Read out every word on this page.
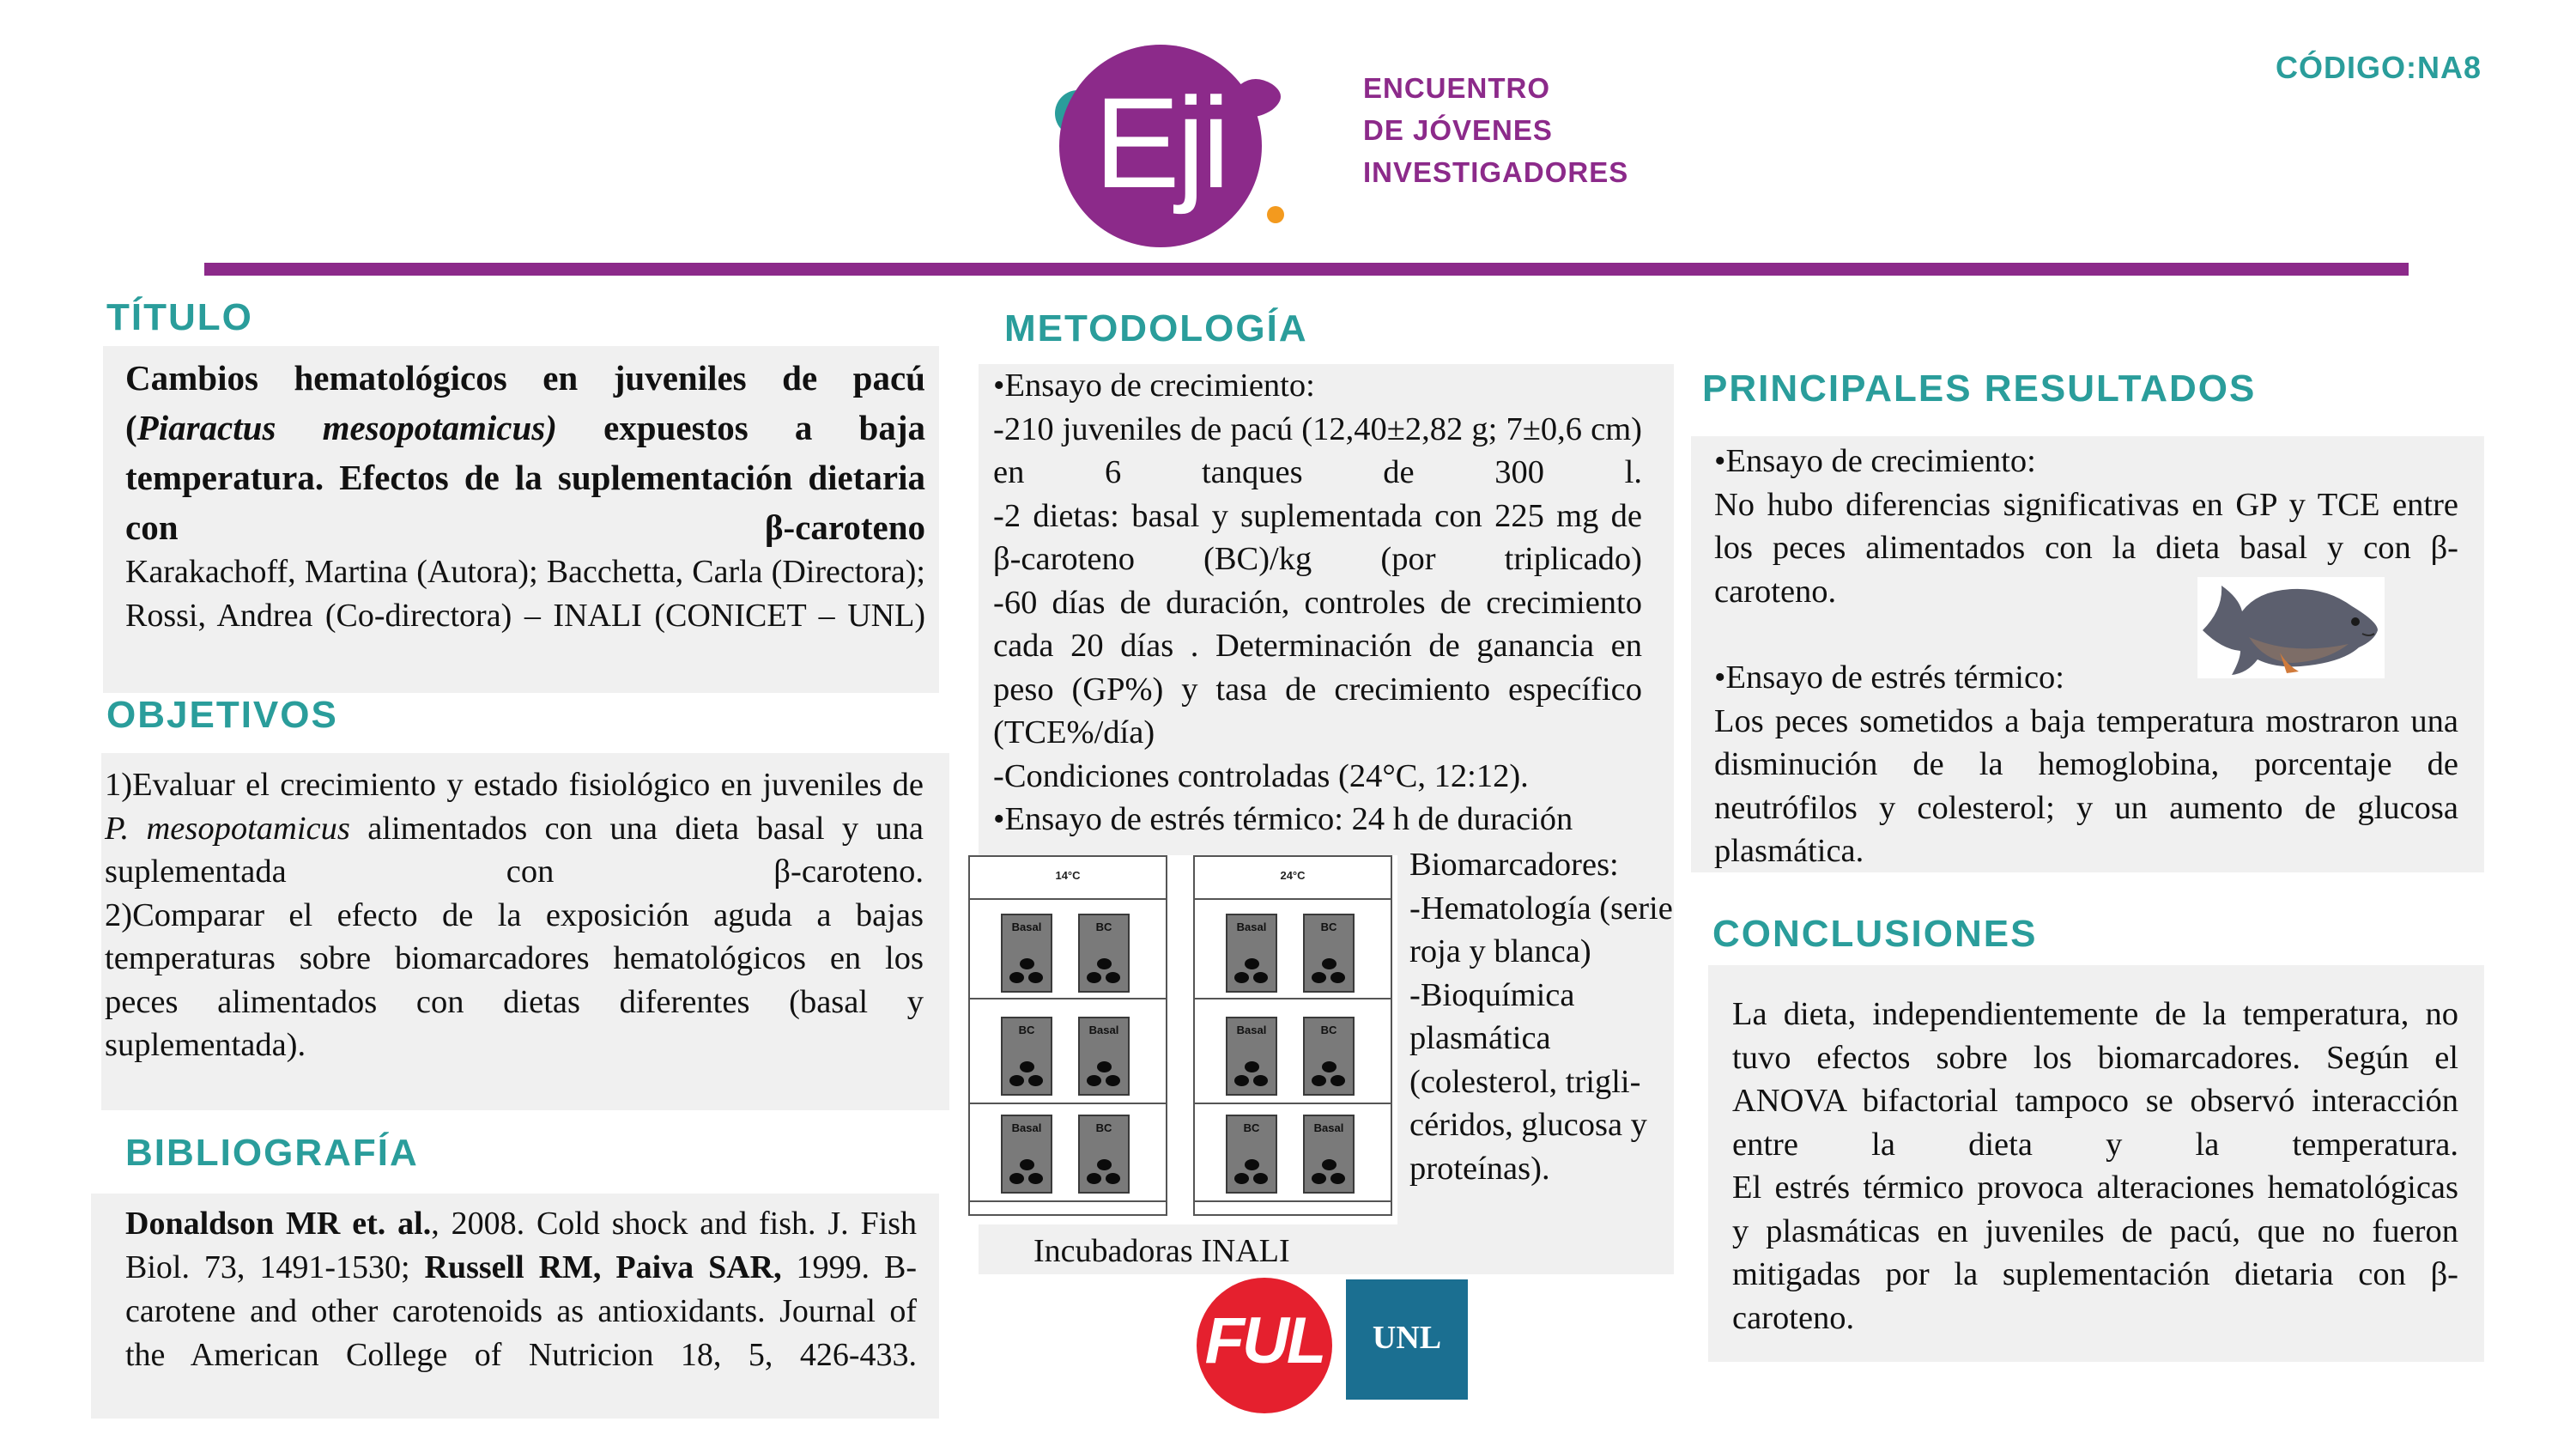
Eji	ENCUENTRO
DE JÓVENES
INVESTIGADORES
CÓDIGO:NA8
TÍTULO

Cambios hematológicos en juveniles de pacú (Piaractus mesopotamicus) expuestos a baja temperatura. Efectos de la suplementación dietaria con β-caroteno

Karakachoff, Martina (Autora); Bacchetta, Carla (Directora); Rossi, Andrea (Co-directora) – INALI (CONICET – UNL)

OBJETIVOS

1)Evaluar el crecimiento y estado fisiológico en juveniles de P. mesopotamicus alimentados con una dieta basal y una suplementada con β-caroteno.

2)Comparar el efecto de la exposición aguda a bajas temperaturas sobre biomarcadores hematológicos en los peces alimentados con dietas diferentes (basal y suplementada).

BIBLIOGRAFÍA

Donaldson MR et. al., 2008. Cold shock and fish. J. Fish Biol. 73, 1491-1530; Russell RM, Paiva SAR, 1999. B-carotene and other carotenoids as antioxidants. Journal of the American College of Nutricion 18, 5, 426-433.

METODOLOGÍA

•Ensayo de crecimiento:

-210 juveniles de pacú (12,40±2,82 g; 7±0,6 cm) en 6 tanques de 300 l.

-2 dietas: basal y suplementada con 225 mg de β-caroteno (BC)/kg (por triplicado)

-60 días de duración, controles de crecimiento cada 20 días . Determinación de ganancia en peso (GP%) y tasa de crecimiento específico (TCE%/día)

-Condiciones controladas (24°C, 12:12).

•Ensayo de estrés térmico: 24 h de duración

14°C
Basal	BC
BC	Basal
Basal	BC
24°C
Basal	BC
Basal	BC
BC	Basal
Incubadoras INALI

Biomarcadores:

-Hematología (serie roja y blanca)

-Bioquímica plasmática (colesterol, trigli-céridos, glucosa y proteínas).

FUL	UNL
PRINCIPALES RESULTADOS

•Ensayo de crecimiento:

No hubo diferencias significativas en GP y TCE entre los peces alimentados con la dieta basal y con β-caroteno.

•Ensayo de estrés térmico:

Los peces sometidos a baja temperatura mostraron una disminución de la hemoglobina, porcentaje de neutrófilos y colesterol; y un aumento de glucosa plasmática.

CONCLUSIONES

La dieta, independientemente de la temperatura, no tuvo efectos sobre los biomarcadores. Según el ANOVA bifactorial tampoco se observó interacción entre la dieta y la temperatura.

El estrés térmico provoca alteraciones hematológicas y plasmáticas en juveniles de pacú, que no fueron mitigadas por la suplementación dietaria con β-caroteno.
